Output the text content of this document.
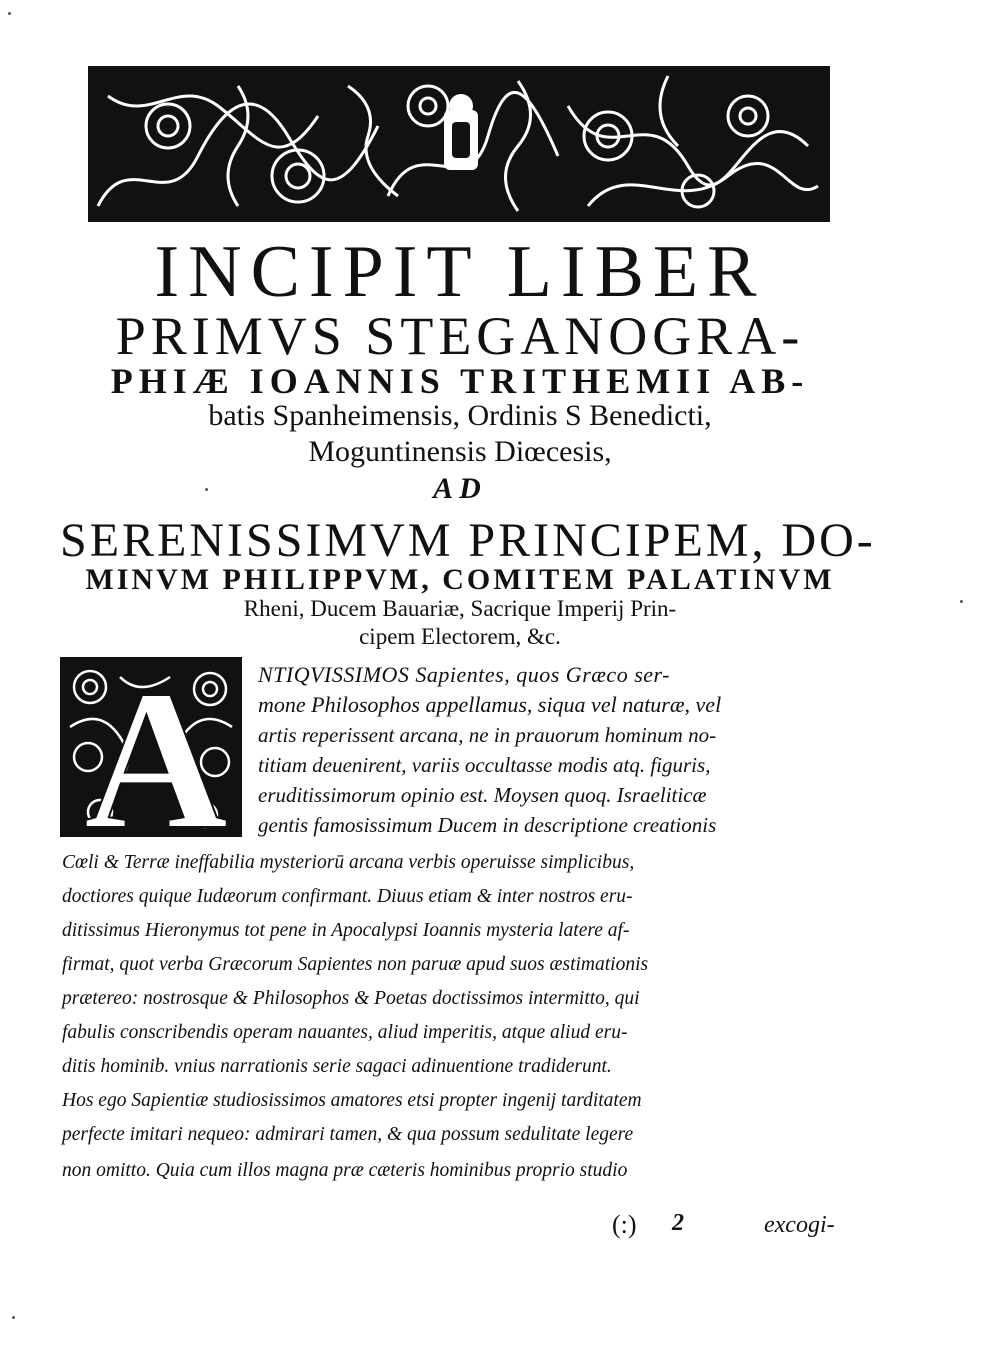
INCIPIT LIBER
PRIMVS STEGANOGRA-
PHIÆ IOANNIS TRITHEMII AB-
batis Spanheimensis, Ordinis S Benedicti,
Moguntinensis Diœcesis,
AD
SERENISSIMVM PRINCIPEM, DO-
MINVM PHILIPPVM, COMITEM PALATINVM
Rheni, Ducem Bauariæ, Sacrique Imperij Prin-
cipem Electorem, &c.
A NTIQVISSIMOS Sapientes, quos Græco ser-
mone Philosophos appellamus, siqua vel naturæ, vel
artis reperissent arcana, ne in prauorum hominum no-
titiam deuenirent, variis occultasse modis atq. figuris,
eruditissimorum opinio est. Moysen quoq. Israeliticæ
gentis famosissimum Ducem in descriptione creationis
Cœli & Terræ ineffabilia mysteriorū arcana verbis operuisse simplicibus,
doctiores quique Iudæorum confirmant. Diuus etiam & inter nostros eru-
ditissimus Hieronymus tot pene in Apocalypsi Ioannis mysteria latere af-
firmat, quot verba Græcorum Sapientes non paruæ apud suos æstimationis
prætereo: nostrosque & Philosophos & Poetas doctissimos intermitto, qui
fabulis conscribendis operam nauantes, aliud imperitis, atque aliud eru-
ditis hominib. vnius narrationis serie sagaci adinuentione tradiderunt.
Hos ego Sapientiæ studiosissimos amatores etsi propter ingenij tarditatem
perfecte imitari nequeo: admirari tamen, & qua possum sedulitate legere
non omitto. Quia cum illos magna præ cæteris hominibus proprio studio
(:) 2	excogi-
